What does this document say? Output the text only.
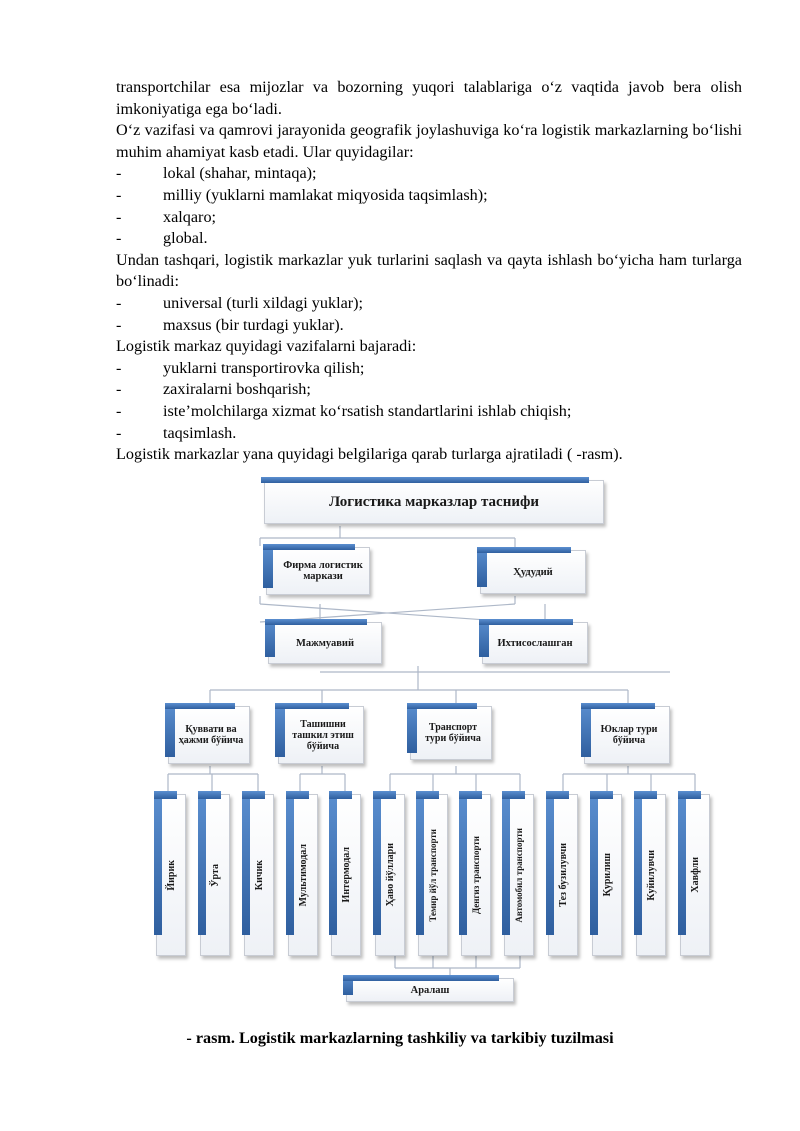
transportchilar esa mijozlar va bozorning yuqori talablariga o‘z vaqtida javob bera olish imkoniyatiga ega bo‘ladi.

O‘z vazifasi va qamrovi jarayonida geografik joylashuviga ko‘ra logistik markazlarning bo‘lishi muhim ahamiyat kasb etadi. Ular quyidagilar:

-	lokal (shahar, mintaqa);
-	milliy (yuklarni mamlakat miqyosida taqsimlash);
-	xalqaro;
-	global.

Undan tashqari, logistik markazlar yuk turlarini saqlash va qayta ishlash bo‘yicha ham turlarga bo‘linadi:

-	universal (turli xildagi yuklar);
-	maxsus (bir turdagi yuklar).

Logistik markaz quyidagi vazifalarni bajaradi:

-	yuklarni transportirovka qilish;
-	zaxiralarni boshqarish;
-	iste’molchilarga xizmat ko‘rsatish standartlarini ishlab chiqish;
-	taqsimlash.

Logistik markazlar yana quyidagi belgilariga qarab turlarga ajratiladi ( -rasm).

Логистика марказлар таснифи
Фирма логистик маркази	Ҳудудий
Мажмуавий	Ихтисослашган
Қуввати ва ҳажми бўйича
Ташишни ташкил этиш бўйича
Транспорт тури бўйича
Юклар тури бўйича
Йирик	Ўрта	Кичик	Мультимодал	Интермодал	Ҳаво йўллари	Темир йўл транспорти	Денгиз транспорти	Автомобил транспорти	Тез бузилувчи	Қурилиш	Куйилувчи	Хавфли
Аралаш
- rasm. Logistik markazlarning tashkiliy va tarkibiy tuzilmasi
